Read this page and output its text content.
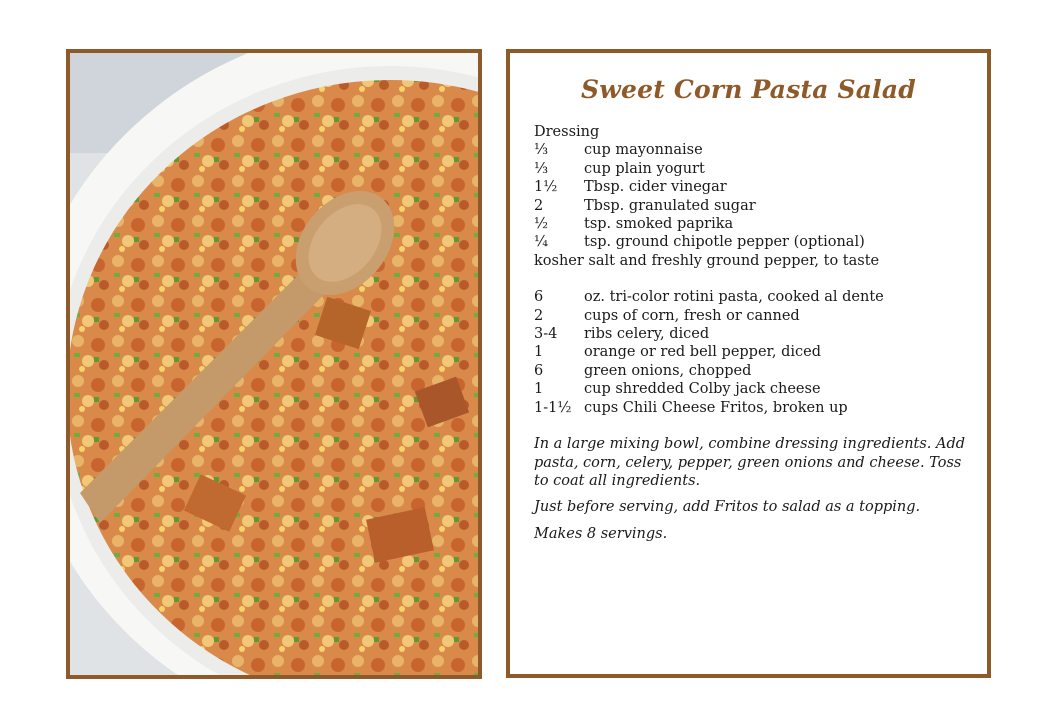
Sweet Corn Pasta Salad
Dressing
⅓	cup mayonnaise
⅓	cup plain yogurt
1½	Tbsp. cider vinegar
2	Tbsp. granulated sugar
½	tsp. smoked paprika
¼	tsp. ground chipotle pepper (optional)
kosher salt and freshly ground pepper, to taste
6	oz. tri-color rotini pasta, cooked al dente
2	cups of corn, fresh or canned
3-4	ribs celery, diced
1	orange or red bell pepper, diced
6	green onions, chopped
1	cup shredded Colby jack cheese
1-1½ cups Chili Cheese Fritos, broken up

In a large mixing bowl, combine dressing ingredients. Add pasta, corn, celery, pepper, green onions and cheese. Toss to coat all ingredients.

Just before serving, add Fritos to salad as a topping.

Makes 8 servings.
